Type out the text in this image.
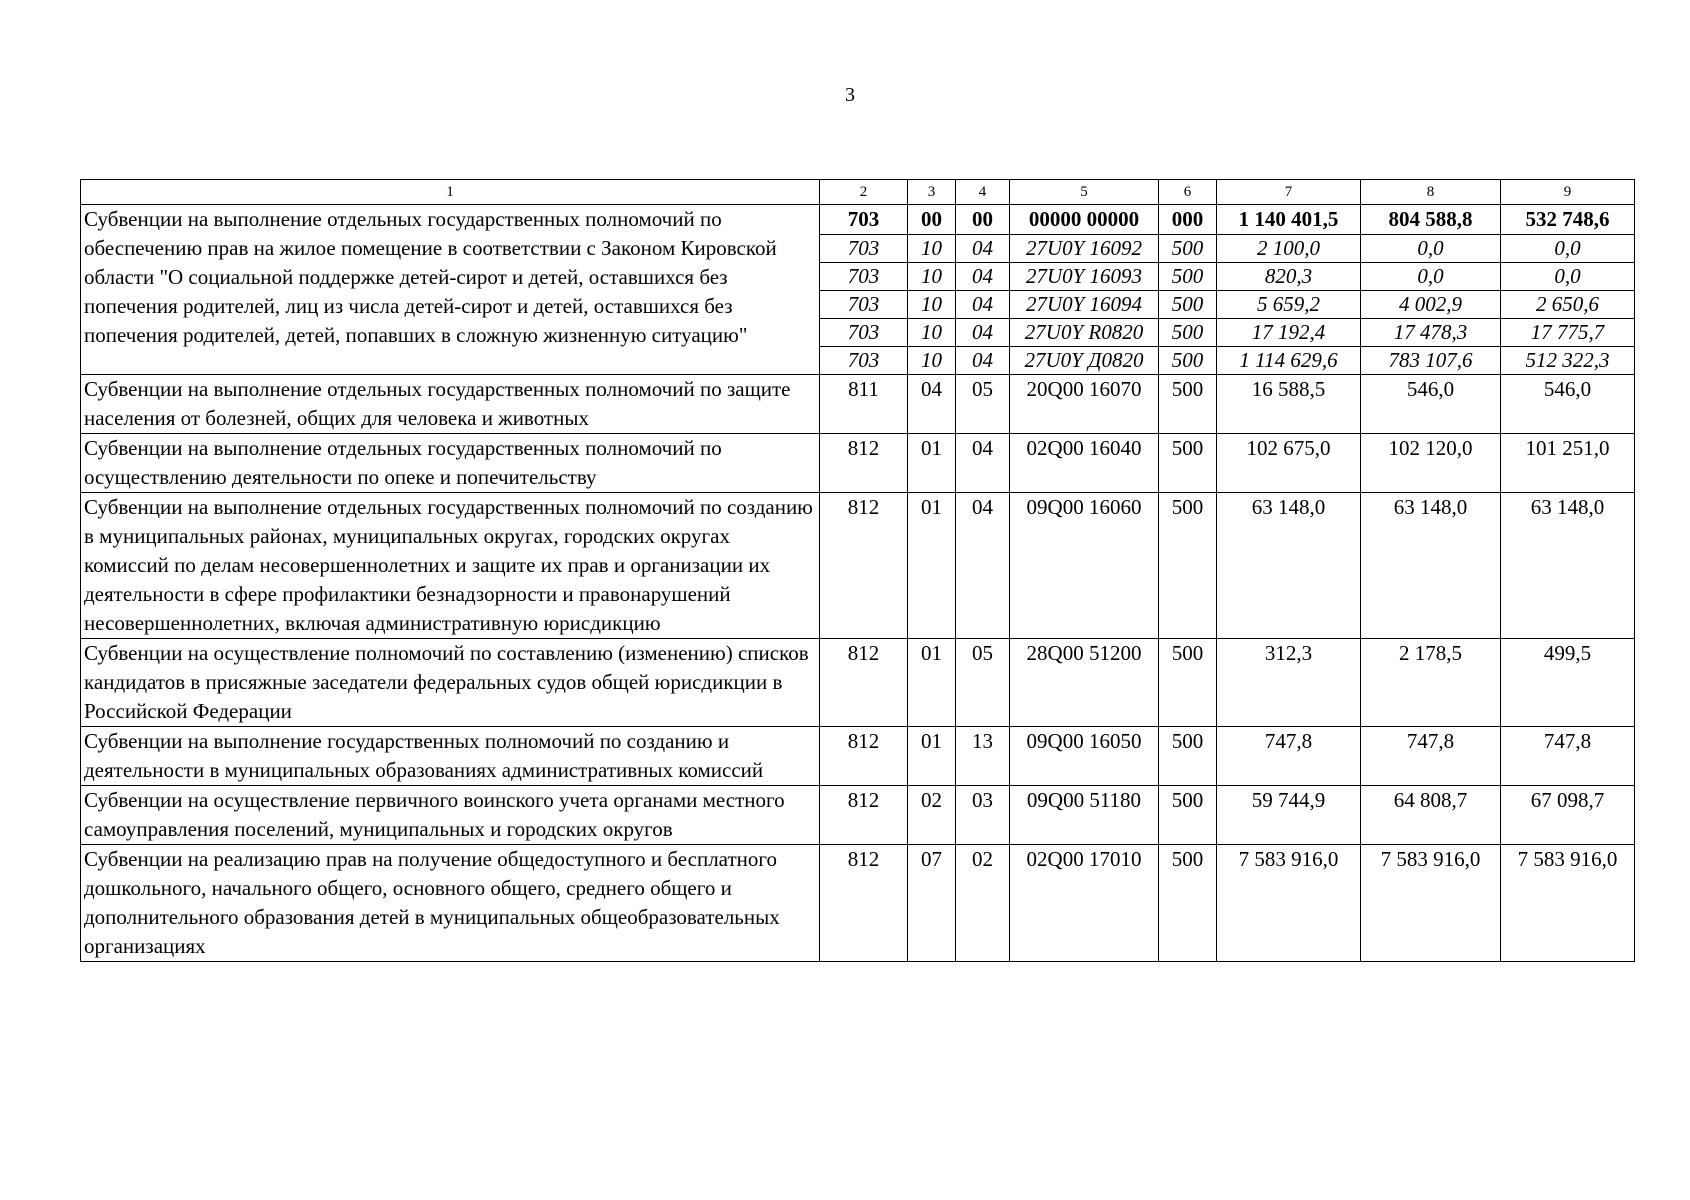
3
1	2	3	4	5	6	7	8	9
Субвенции на выполнение отдельных государственных полномочий по обеспечению прав на жилое помещение в соответствии с Законом Кировской области "О социальной поддержке детей-сирот и детей, оставшихся без попечения родителей, лиц из числа детей-сирот и детей, оставшихся без попечения родителей, детей, попавших в сложную жизненную ситуацию"	703	00	00	00000 00000	000	1 140 401,5	804 588,8	532 748,6
	703	10	04	27U0Y 16092	500	2 100,0	0,0	0,0
	703	10	04	27U0Y 16093	500	820,3	0,0	0,0
	703	10	04	27U0Y 16094	500	5 659,2	4 002,9	2 650,6
	703	10	04	27U0Y R0820	500	17 192,4	17 478,3	17 775,7
	703	10	04	27U0Y Д0820	500	1 114 629,6	783 107,6	512 322,3
Субвенции на выполнение отдельных государственных полномочий по защите населения от болезней, общих для человека и животных	811	04	05	20Q00 16070	500	16 588,5	546,0	546,0
Субвенции на выполнение отдельных государственных полномочий по осуществлению деятельности по опеке и попечительству	812	01	04	02Q00 16040	500	102 675,0	102 120,0	101 251,0
Субвенции на выполнение отдельных государственных полномочий по созданию в муниципальных районах, муниципальных округах, городских округах комиссий по делам несовершеннолетних и защите их прав и организации их деятельности в сфере профилактики безнадзорности и правонарушений несовершеннолетних, включая административную юрисдикцию	812	01	04	09Q00 16060	500	63 148,0	63 148,0	63 148,0
Субвенции на осуществление полномочий по составлению (изменению) списков кандидатов в присяжные заседатели федеральных судов общей юрисдикции в Российской Федерации	812	01	05	28Q00 51200	500	312,3	2 178,5	499,5
Субвенции на выполнение государственных полномочий по созданию и деятельности в муниципальных образованиях административных комиссий	812	01	13	09Q00 16050	500	747,8	747,8	747,8
Субвенции на осуществление первичного воинского учета органами местного самоуправления поселений, муниципальных и городских округов	812	02	03	09Q00 51180	500	59 744,9	64 808,7	67 098,7
Субвенции на реализацию прав на получение общедоступного и бесплатного дошкольного, начального общего, основного общего, среднего общего и дополнительного образования детей в муниципальных общеобразовательных организациях	812	07	02	02Q00 17010	500	7 583 916,0	7 583 916,0	7 583 916,0
